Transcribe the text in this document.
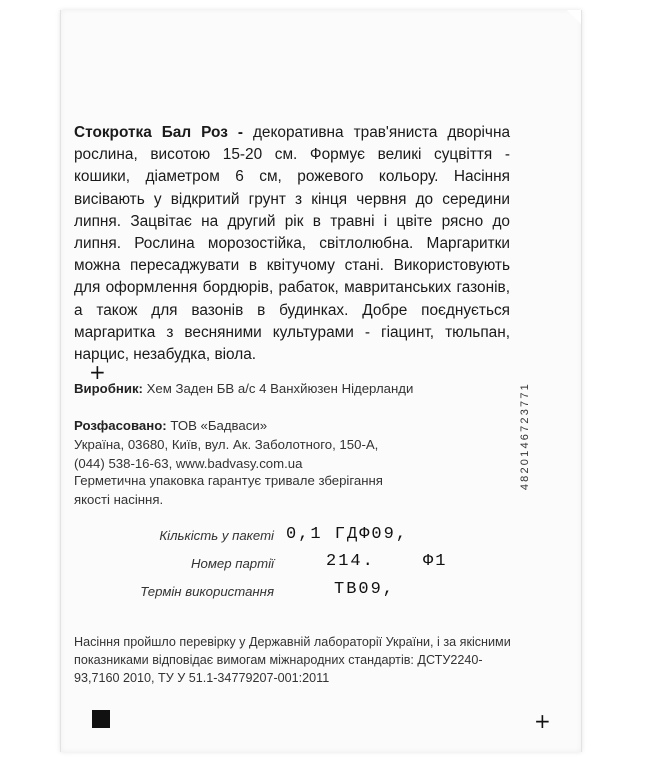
Стокротка Бал Роз - декоративна трав'яниста дворічна рослина, висотою 15-20 см. Формує великі суцвіття - кошики, діаметром 6 см, рожевого кольору. Насіння висівають у відкритий грунт з кінця червня до середини липня. Зацвітає на другий рік в травні і цвіте рясно до липня. Рослина морозостійка, світлолюбна. Маргаритки можна пересаджувати в квітучому стані. Використовують для оформлення бордюрів, рабаток, мавританських газонів, а також для вазонів в будинках. Добре поєднується маргаритка з весняними культурами - гіацинт, тюльпан, нарцис, незабудка, віола.

+
+
4820146723771

Виробник: Хем Заден БВ а/с 4 Ванхйюзен Нідерланди

Розфасовано: ТОВ «Бадваси»
Україна, 03680, Київ, вул. Ак. Заболотного, 150-А,
(044) 538-16-63, www.badvasy.com.ua

Герметична упаковка гарантує тривале зберігання якості насіння.

Кількість у пакеті 0,1 ГДФ09,
Номер партії	214.	Ф1
Термін використання	ТВ09,

Насіння пройшло перевірку у Державній лабораторії України, і за якісними показниками відповідає вимогам міжнародних стандартів: ДСТУ2240-93,7160 2010, ТУ У 51.1-34779207-001:2011
